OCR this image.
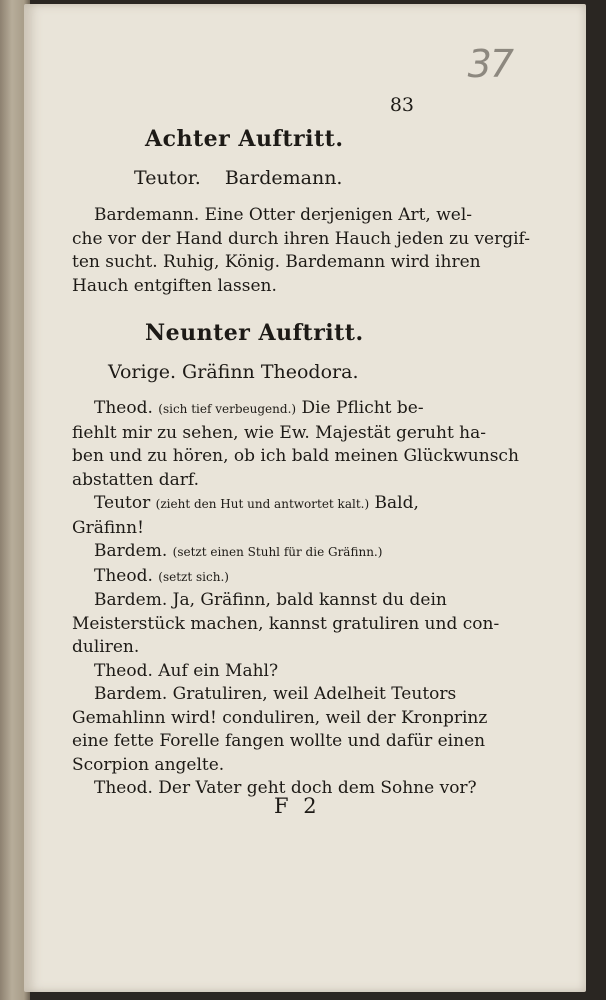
37
83
Achter Auftritt.
Teutor. Bardemann.
Bardemann. Eine Otter derjenigen Art, wel-
che vor der Hand durch ihren Hauch jeden zu vergif-
ten sucht. Ruhig, König. Bardemann wird ihren
Hauch entgiften lassen.
Neunter Auftritt.
Vorige. Gräfinn Theodora.
Theod. (sich tief verbeugend.) Die Pflicht be-
fiehlt mir zu sehen, wie Ew. Majestät geruht ha-
ben und zu hören, ob ich bald meinen Glückwunsch
abstatten darf.
Teutor (zieht den Hut und antwortet kalt.) Bald,
Gräfinn!
Bardem. (setzt einen Stuhl für die Gräfinn.)
Theod. (setzt sich.)
Bardem. Ja, Gräfinn, bald kannst du dein
Meisterstück machen, kannst gratuliren und con-
duliren.
Theod. Auf ein Mahl?
Bardem. Gratuliren, weil Adelheit Teutors
Gemahlinn wird! conduliren, weil der Kronprinz
eine fette Forelle fangen wollte und dafür einen
Scorpion angelte.
Theod. Der Vater geht doch dem Sohne vor?
F 2
